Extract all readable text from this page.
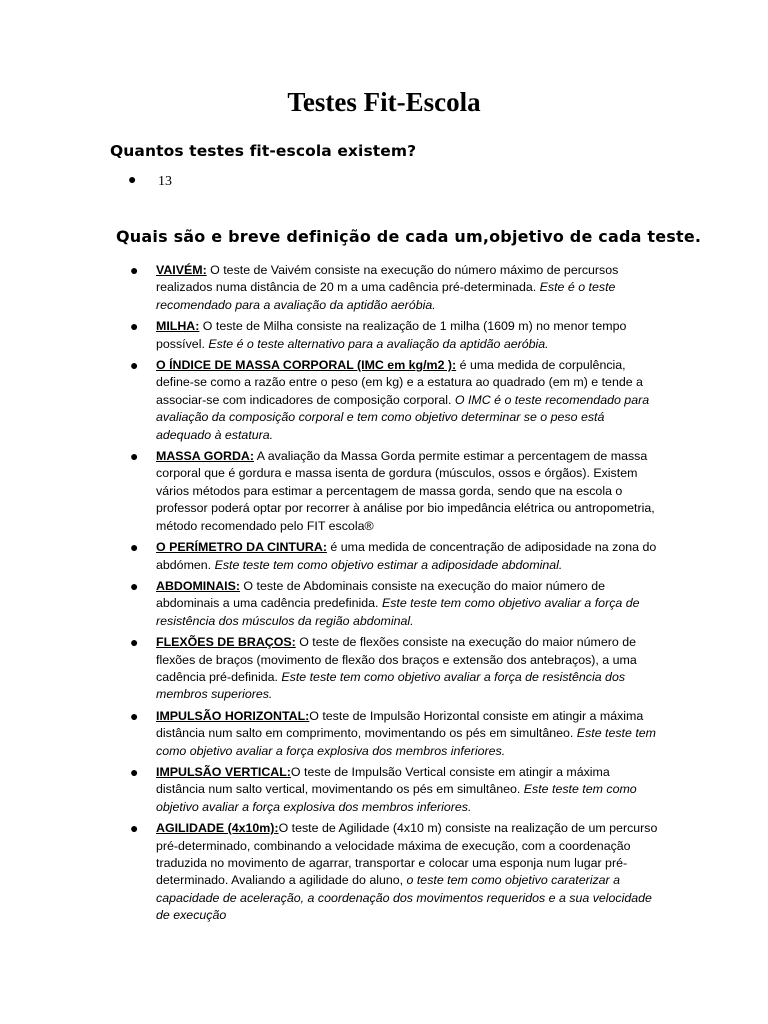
Testes Fit-Escola
Quantos testes fit-escola existem?
● 13
Quais são e breve definição de cada um,objetivo de cada teste.
● VAIVÉM: O teste de Vaivém consiste na execução do número máximo de percursos realizados numa distância de 20 m a uma cadência pré-determinada. Este é o teste recomendado para a avaliação da aptidão aeróbia.
● MILHA: O teste de Milha consiste na realização de 1 milha (1609 m) no menor tempo possível. Este é o teste alternativo para a avaliação da aptidão aeróbia.
● O ÍNDICE DE MASSA CORPORAL (IMC em kg/m2 ): é uma medida de corpulência, define-se como a razão entre o peso (em kg) e a estatura ao quadrado (em m) e tende a associar-se com indicadores de composição corporal. O IMC é o teste recomendado para avaliação da composição corporal e tem como objetivo determinar se o peso está adequado à estatura.
● MASSA GORDA: A avaliação da Massa Gorda permite estimar a percentagem de massa corporal que é gordura e massa isenta de gordura (músculos, ossos e órgãos). Existem vários métodos para estimar a percentagem de massa gorda, sendo que na escola o professor poderá optar por recorrer à análise por bio impedância elétrica ou antropometria, método recomendado pelo FIT escola®
● O PERÍMETRO DA CINTURA: é uma medida de concentração de adiposidade na zona do abdómen. Este teste tem como objetivo estimar a adiposidade abdominal.
● ABDOMINAIS: O teste de Abdominais consiste na execução do maior número de abdominais a uma cadência predefinida. Este teste tem como objetivo avaliar a força de resistência dos músculos da região abdominal.
● FLEXÕES DE BRAÇOS: O teste de flexões consiste na execução do maior número de flexões de braços (movimento de flexão dos braços e extensão dos antebraços), a uma cadência pré-definida. Este teste tem como objetivo avaliar a força de resistência dos membros superiores.
● IMPULSÃO HORIZONTAL:O teste de Impulsão Horizontal consiste em atingir a máxima distância num salto em comprimento, movimentando os pés em simultâneo. Este teste tem como objetivo avaliar a força explosiva dos membros inferiores.
● IMPULSÃO VERTICAL:O teste de Impulsão Vertical consiste em atingir a máxima distância num salto vertical, movimentando os pés em simultâneo. Este teste tem como objetivo avaliar a força explosiva dos membros inferiores.
● AGILIDADE (4x10m):O teste de Agilidade (4x10 m) consiste na realização de um percurso pré-determinado, combinando a velocidade máxima de execução, com a coordenação traduzida no movimento de agarrar, transportar e colocar uma esponja num lugar pré-determinado. Avaliando a agilidade do aluno, o teste tem como objetivo caraterizar a capacidade de aceleração, a coordenação dos movimentos requeridos e a sua velocidade de execução
